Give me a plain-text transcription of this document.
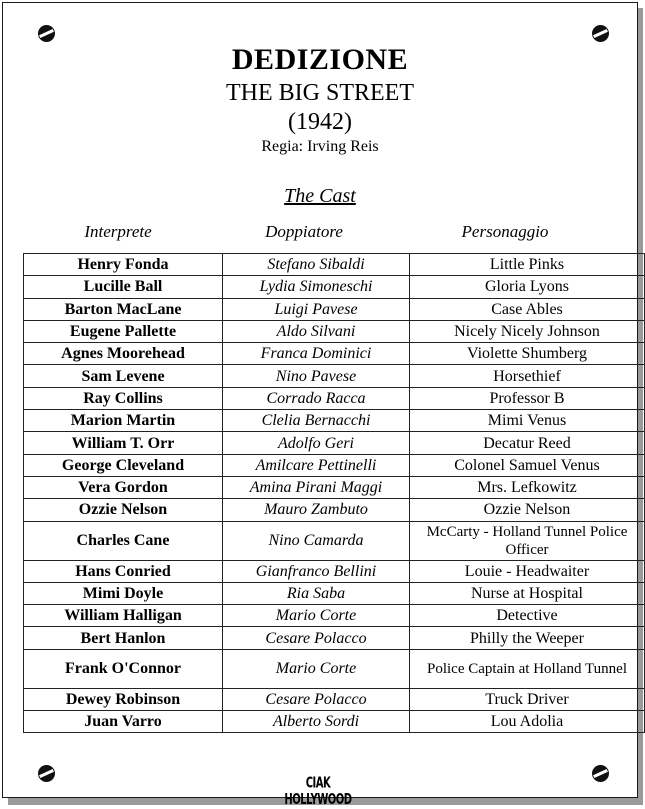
DEDIZIONE
THE BIG STREET
(1942)
Regia: Irving Reis
The Cast
Interprete	Doppiatore	Personaggio
Henry Fonda	Stefano Sibaldi	Little Pinks
Lucille Ball	Lydia Simoneschi	Gloria Lyons
Barton MacLane	Luigi Pavese	Case Ables
Eugene Pallette	Aldo Silvani	Nicely Nicely Johnson
Agnes Moorehead	Franca Dominici	Violette Shumberg
Sam Levene	Nino Pavese	Horsethief
Ray Collins	Corrado Racca	Professor B
Marion Martin	Clelia Bernacchi	Mimi Venus
William T. Orr	Adolfo Geri	Decatur Reed
George Cleveland	Amilcare Pettinelli	Colonel Samuel Venus
Vera Gordon	Amina Pirani Maggi	Mrs. Lefkowitz
Ozzie Nelson	Mauro Zambuto	Ozzie Nelson
Charles Cane	Nino Camarda	McCarty - Holland Tunnel Police Officer
Hans Conried	Gianfranco Bellini	Louie - Headwaiter
Mimi Doyle	Ria Saba	Nurse at Hospital
William Halligan	Mario Corte	Detective
Bert Hanlon	Cesare Polacco	Philly the Weeper
Frank O'Connor	Mario Corte	Police Captain at Holland Tunnel
Dewey Robinson	Cesare Polacco	Truck Driver
Juan Varro	Alberto Sordi	Lou Adolia
CIAK HOLLYWOOD
